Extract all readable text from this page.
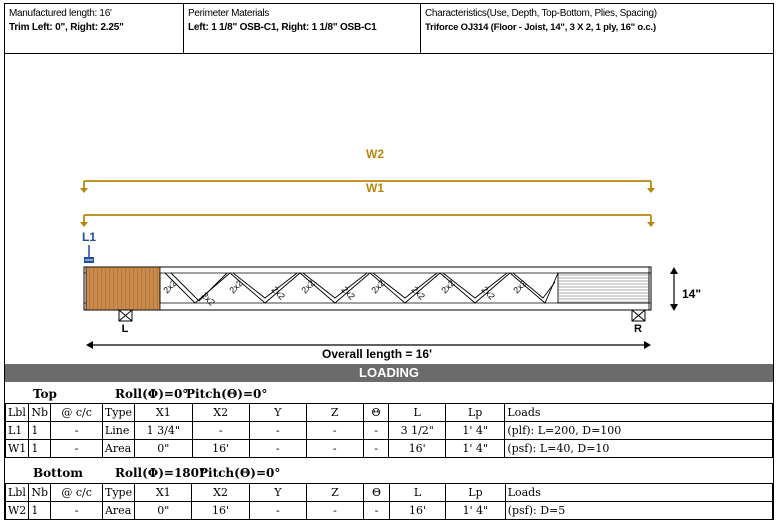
Manufactured length: 16'
Trim Left: 0", Right: 2.25"
Perimeter Materials
Left: 1 1/8" OSB-C1, Right: 1 1/8" OSB-C1
Characteristics(Use, Depth, Top-Bottom, Plies, Spacing)
Triforce OJ314 (Floor - Joist, 14", 3 X 2, 1 ply, 16" o.c.)
W2
W1
L1
2x2
2x2
2x2	2x2 2x2	2x2 2x2	2x2 2x2	2x2 2x2
L	R
14"
Overall length = 16'
LOADING
Top	Roll(Φ)=0°
Pitch(Θ)=0°
Lbl	Nb	@ c/c	Type	X1	X2	Y	Z	Θ	L	Lp	Loads
L1	1	-	Line	1 3/4"	-	-	-	-	3 1/2"	1' 4"	(plf): L=200, D=100
W1	1	-	Area	0"	16'	-	-	-	16'	1' 4"	(psf): L=40, D=10
Bottom	Roll(Φ)=180°
Pitch(Θ)=0°
Lbl	Nb	@ c/c	Type	X1	X2	Y	Z	Θ	L	Lp	Loads
W2	1	-	Area	0"	16'	-	-	-	16'	1' 4"	(psf): D=5
